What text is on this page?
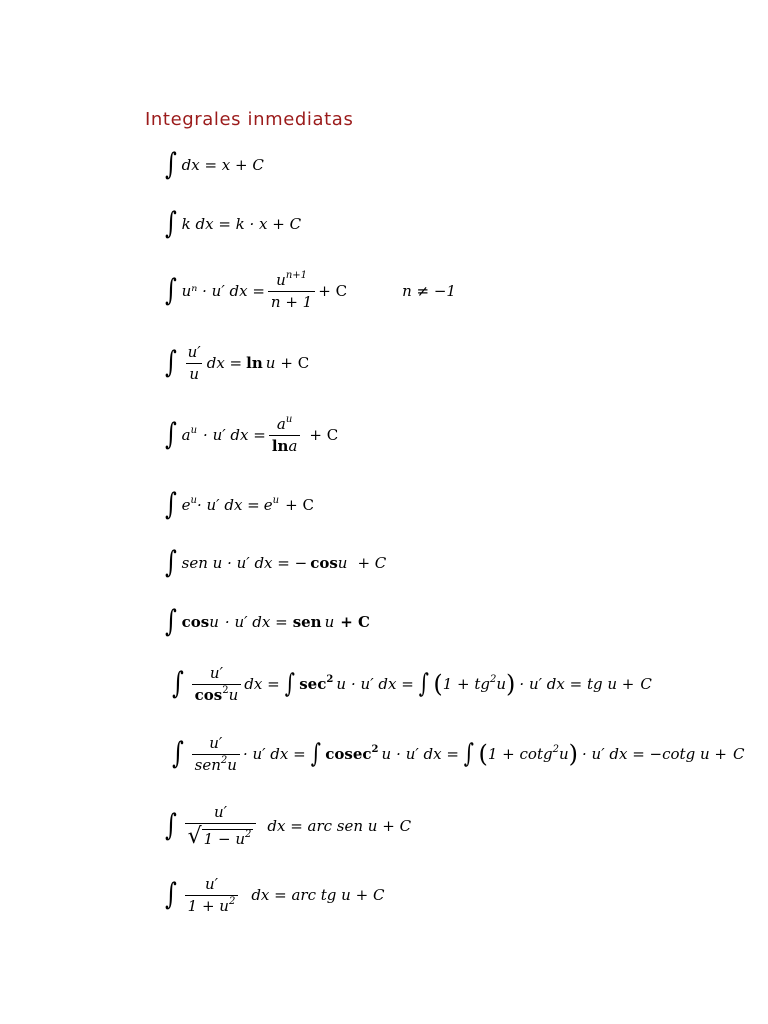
Integrales inmediatas
∫ dx = x + C
∫ k dx = k · x + C
∫ uⁿ · u′ dx = $\frac{u^{n+1}}{n + 1} + C$	n ≠ −1
∫ $\frac{u'}{u}$ dx = ln u + C
∫ $a^u \cdot u'$ dx = $\frac{a^u}{\ln a} + C$
∫ $e^u \cdot u'$ dx = $e^u + C$
∫ sen u · u′ dx = − cos u + C
∫ cos u · u′ dx = sen u + C
∫ $\frac{u'}{\cos^2u}$ dx = ∫ $\sec^2 u \cdot u'$ dx = ∫ ( $1 + tg^2u$ ) · u′ dx = tg u + C
∫ $\frac{u'}{sen^2u} \cdot u'$ dx = ∫ cosec$^2$ u · u′ dx = ∫ ( 1 + cotg$^2$u ) · u′ dx = −cotg u + C
∫ $\frac{u'}{√ 1 - u^2}$ dx = arc sen u + C
∫ $\frac{u'}{1 + u^2}$ dx = arc tg u + C
